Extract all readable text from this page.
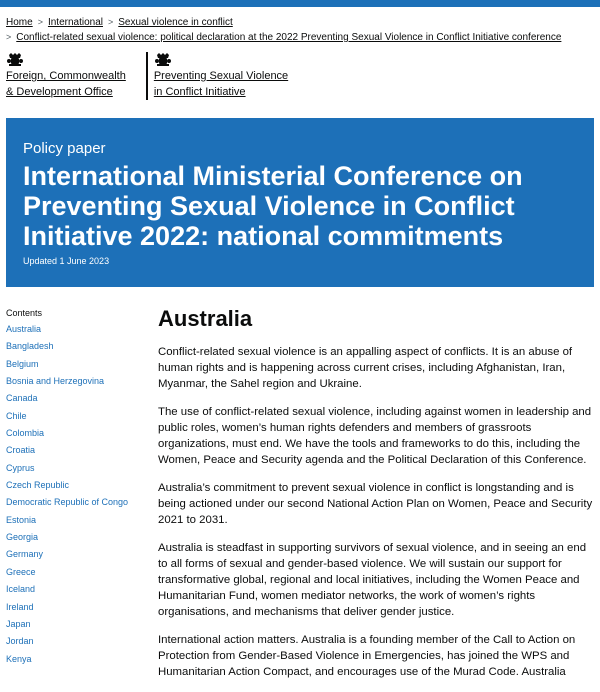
Home > International > Sexual violence in conflict
> Conflict-related sexual violence: political declaration at the 2022 Preventing Sexual Violence in Conflict Initiative conference
Foreign, Commonwealth
& Development Office
Preventing Sexual Violence
in Conflict Initiative
Policy paper
International Ministerial Conference on Preventing Sexual Violence in Conflict Initiative 2022: national commitments
Updated 1 June 2023
Contents
Australia
Bangladesh
Belgium
Bosnia and Herzegovina
Canada
Chile
Colombia
Croatia
Cyprus
Czech Republic
Democratic Republic of Congo
Estonia
Georgia
Germany
Greece
Iceland
Ireland
Japan
Jordan
Kenya
Australia

Conflict-related sexual violence is an appalling aspect of conflicts. It is an abuse of human rights and is happening across current crises, including Afghanistan, Iran, Myanmar, the Sahel region and Ukraine.

The use of conflict-related sexual violence, including against women in leadership and public roles, women’s human rights defenders and members of grassroots organizations, must end. We have the tools and frameworks to do this, including the Women, Peace and Security agenda and the Political Declaration of this Conference.

Australia’s commitment to prevent sexual violence in conflict is longstanding and is being actioned under our second National Action Plan on Women, Peace and Security 2021 to 2031.

Australia is steadfast in supporting survivors of sexual violence, and in seeing an end to all forms of sexual and gender-based violence. We will sustain our support for transformative global, regional and local initiatives, including the Women Peace and Humanitarian Fund, women mediator networks, the work of women’s rights organisations, and mechanisms that deliver gender justice.

International action matters. Australia is a founding member of the Call to Action on Protection from Gender-Based Violence in Emergencies, has joined the WPS and Humanitarian Action Compact, and encourages use of the Murad Code. Australia
